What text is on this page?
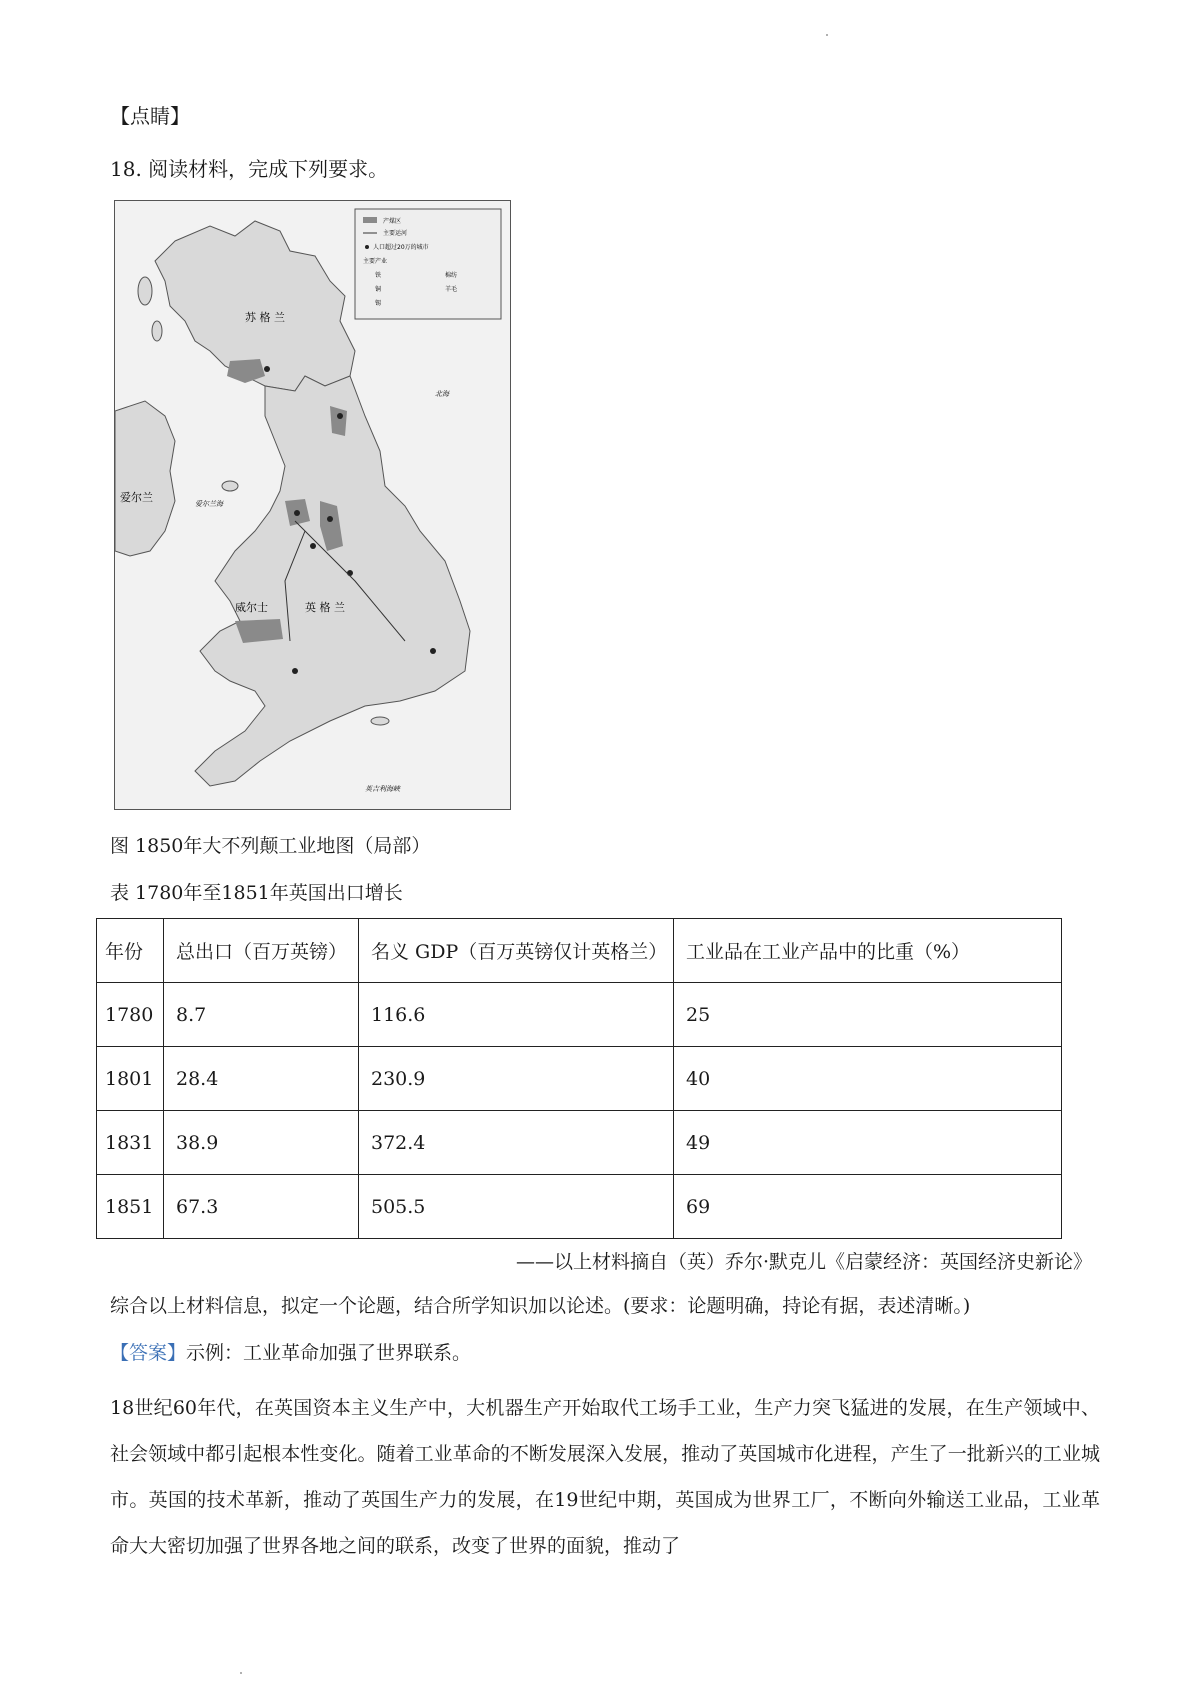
【点睛】
18. 阅读材料，完成下列要求。
产煤区
主要运河
人口超过20万的城市
主要产业
铁	棉纺
铜	羊毛
锡
苏 格 兰
爱尔兰
威尔士	英 格 兰
北海
爱尔兰海
英吉利海峡
图 1850年大不列颠工业地图（局部）
表 1780年至1851年英国出口增长
年份	总出口（百万英镑）	名义 GDP（百万英镑仅计英格兰）	工业品在工业产品中的比重（%）
1780	8.7	116.6	25
1801	28.4	230.9	40
1831	38.9	372.4	49
1851	67.3	505.5	69
——以上材料摘自（英）乔尔·默克儿《启蒙经济：英国经济史新论》
综合以上材料信息，拟定一个论题，结合所学知识加以论述。(要求：论题明确，持论有据，表述清晰。)
【答案】示例：工业革命加强了世界联系。
18世纪60年代，在英国资本主义生产中，大机器生产开始取代工场手工业，生产力突飞猛进的发展，在生产领域中、社会领域中都引起根本性变化。随着工业革命的不断发展深入发展，推动了英国城市化进程，产生了一批新兴的工业城市。英国的技术革新，推动了英国生产力的发展，在19世纪中期，英国成为世界工厂，不断向外输送工业品，工业革命大大密切加强了世界各地之间的联系，改变了世界的面貌，推动了
